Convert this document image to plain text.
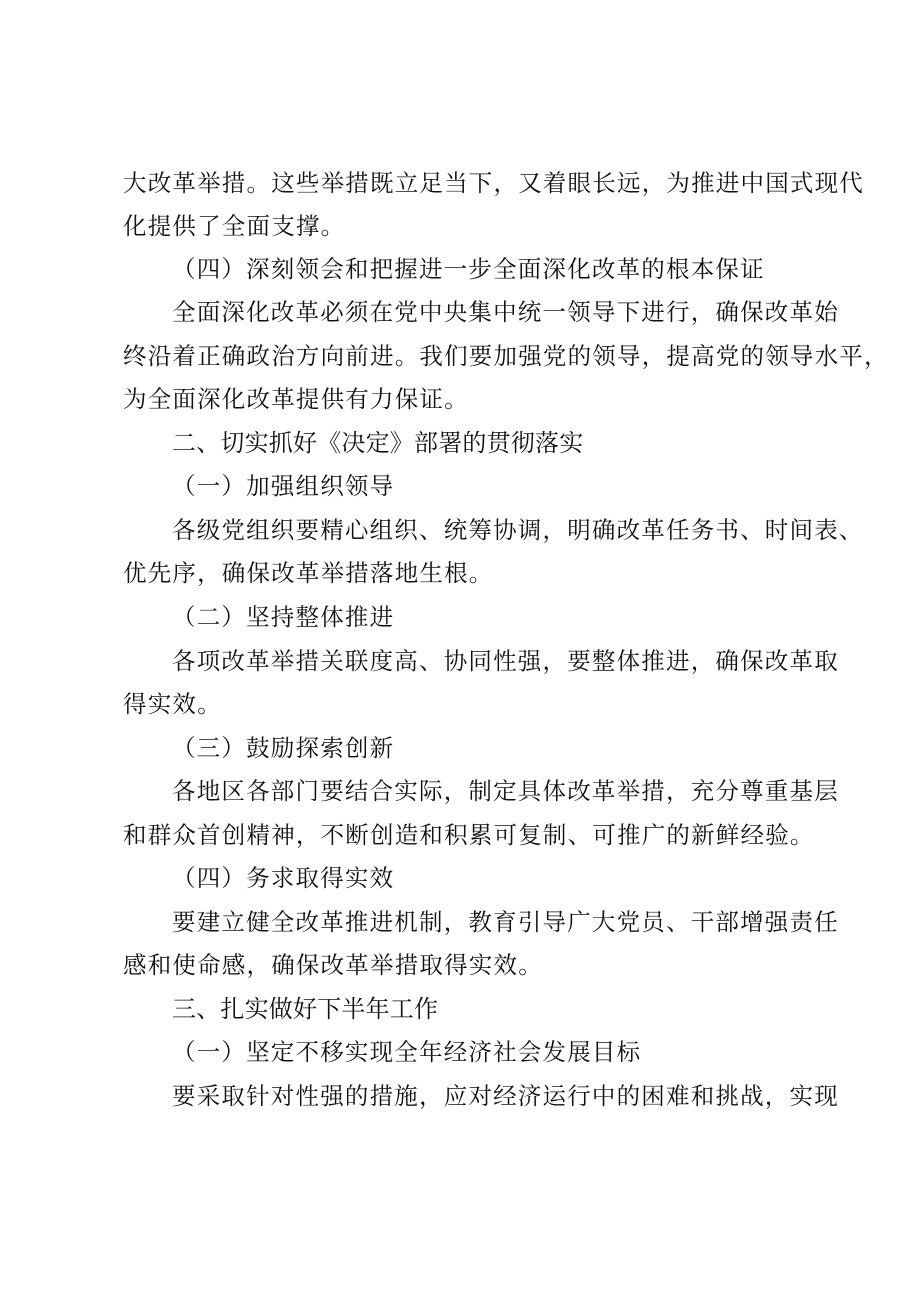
大改革举措。这些举措既立足当下，又着眼长远，为推进中国式现代
化提供了全面支撑。
（四）深刻领会和把握进一步全面深化改革的根本保证
全面深化改革必须在党中央集中统一领导下进行，确保改革始
终沿着正确政治方向前进。我们要加强党的领导，提高党的领导水平，
为全面深化改革提供有力保证。
二、切实抓好《决定》部署的贯彻落实
（一）加强组织领导
各级党组织要精心组织、统筹协调，明确改革任务书、时间表、
优先序，确保改革举措落地生根。
（二）坚持整体推进
各项改革举措关联度高、协同性强，要整体推进，确保改革取
得实效。
（三）鼓励探索创新
各地区各部门要结合实际，制定具体改革举措，充分尊重基层
和群众首创精神，不断创造和积累可复制、可推广的新鲜经验。
（四）务求取得实效
要建立健全改革推进机制，教育引导广大党员、干部增强责任
感和使命感，确保改革举措取得实效。
三、扎实做好下半年工作
（一）坚定不移实现全年经济社会发展目标
要采取针对性强的措施，应对经济运行中的困难和挑战，实现
